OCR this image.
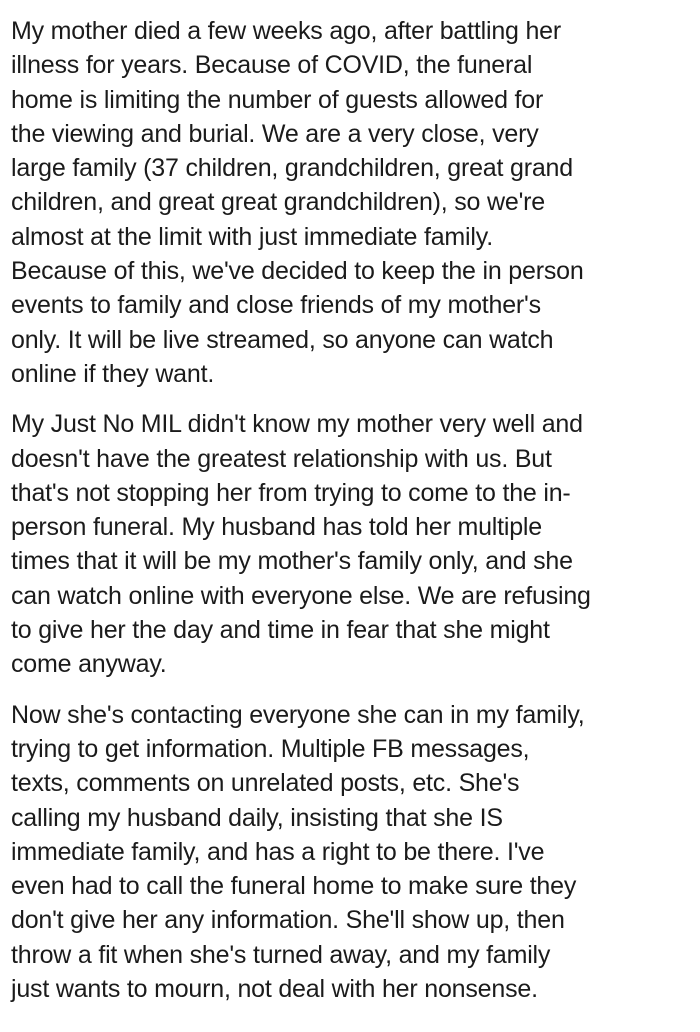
My mother died a few weeks ago, after battling her
illness for years. Because of COVID, the funeral
home is limiting the number of guests allowed for
the viewing and burial. We are a very close, very
large family (37 children, grandchildren, great grand
children, and great great grandchildren), so we're
almost at the limit with just immediate family.
Because of this, we've decided to keep the in person
events to family and close friends of my mother's
only. It will be live streamed, so anyone can watch
online if they want.

My Just No MIL didn't know my mother very well and
doesn't have the greatest relationship with us. But
that's not stopping her from trying to come to the in-
person funeral. My husband has told her multiple
times that it will be my mother's family only, and she
can watch online with everyone else. We are refusing
to give her the day and time in fear that she might
come anyway.

Now she's contacting everyone she can in my family,
trying to get information. Multiple FB messages,
texts, comments on unrelated posts, etc. She's
calling my husband daily, insisting that she IS
immediate family, and has a right to be there. I've
even had to call the funeral home to make sure they
don't give her any information. She'll show up, then
throw a fit when she's turned away, and my family
just wants to mourn, not deal with her nonsense.
